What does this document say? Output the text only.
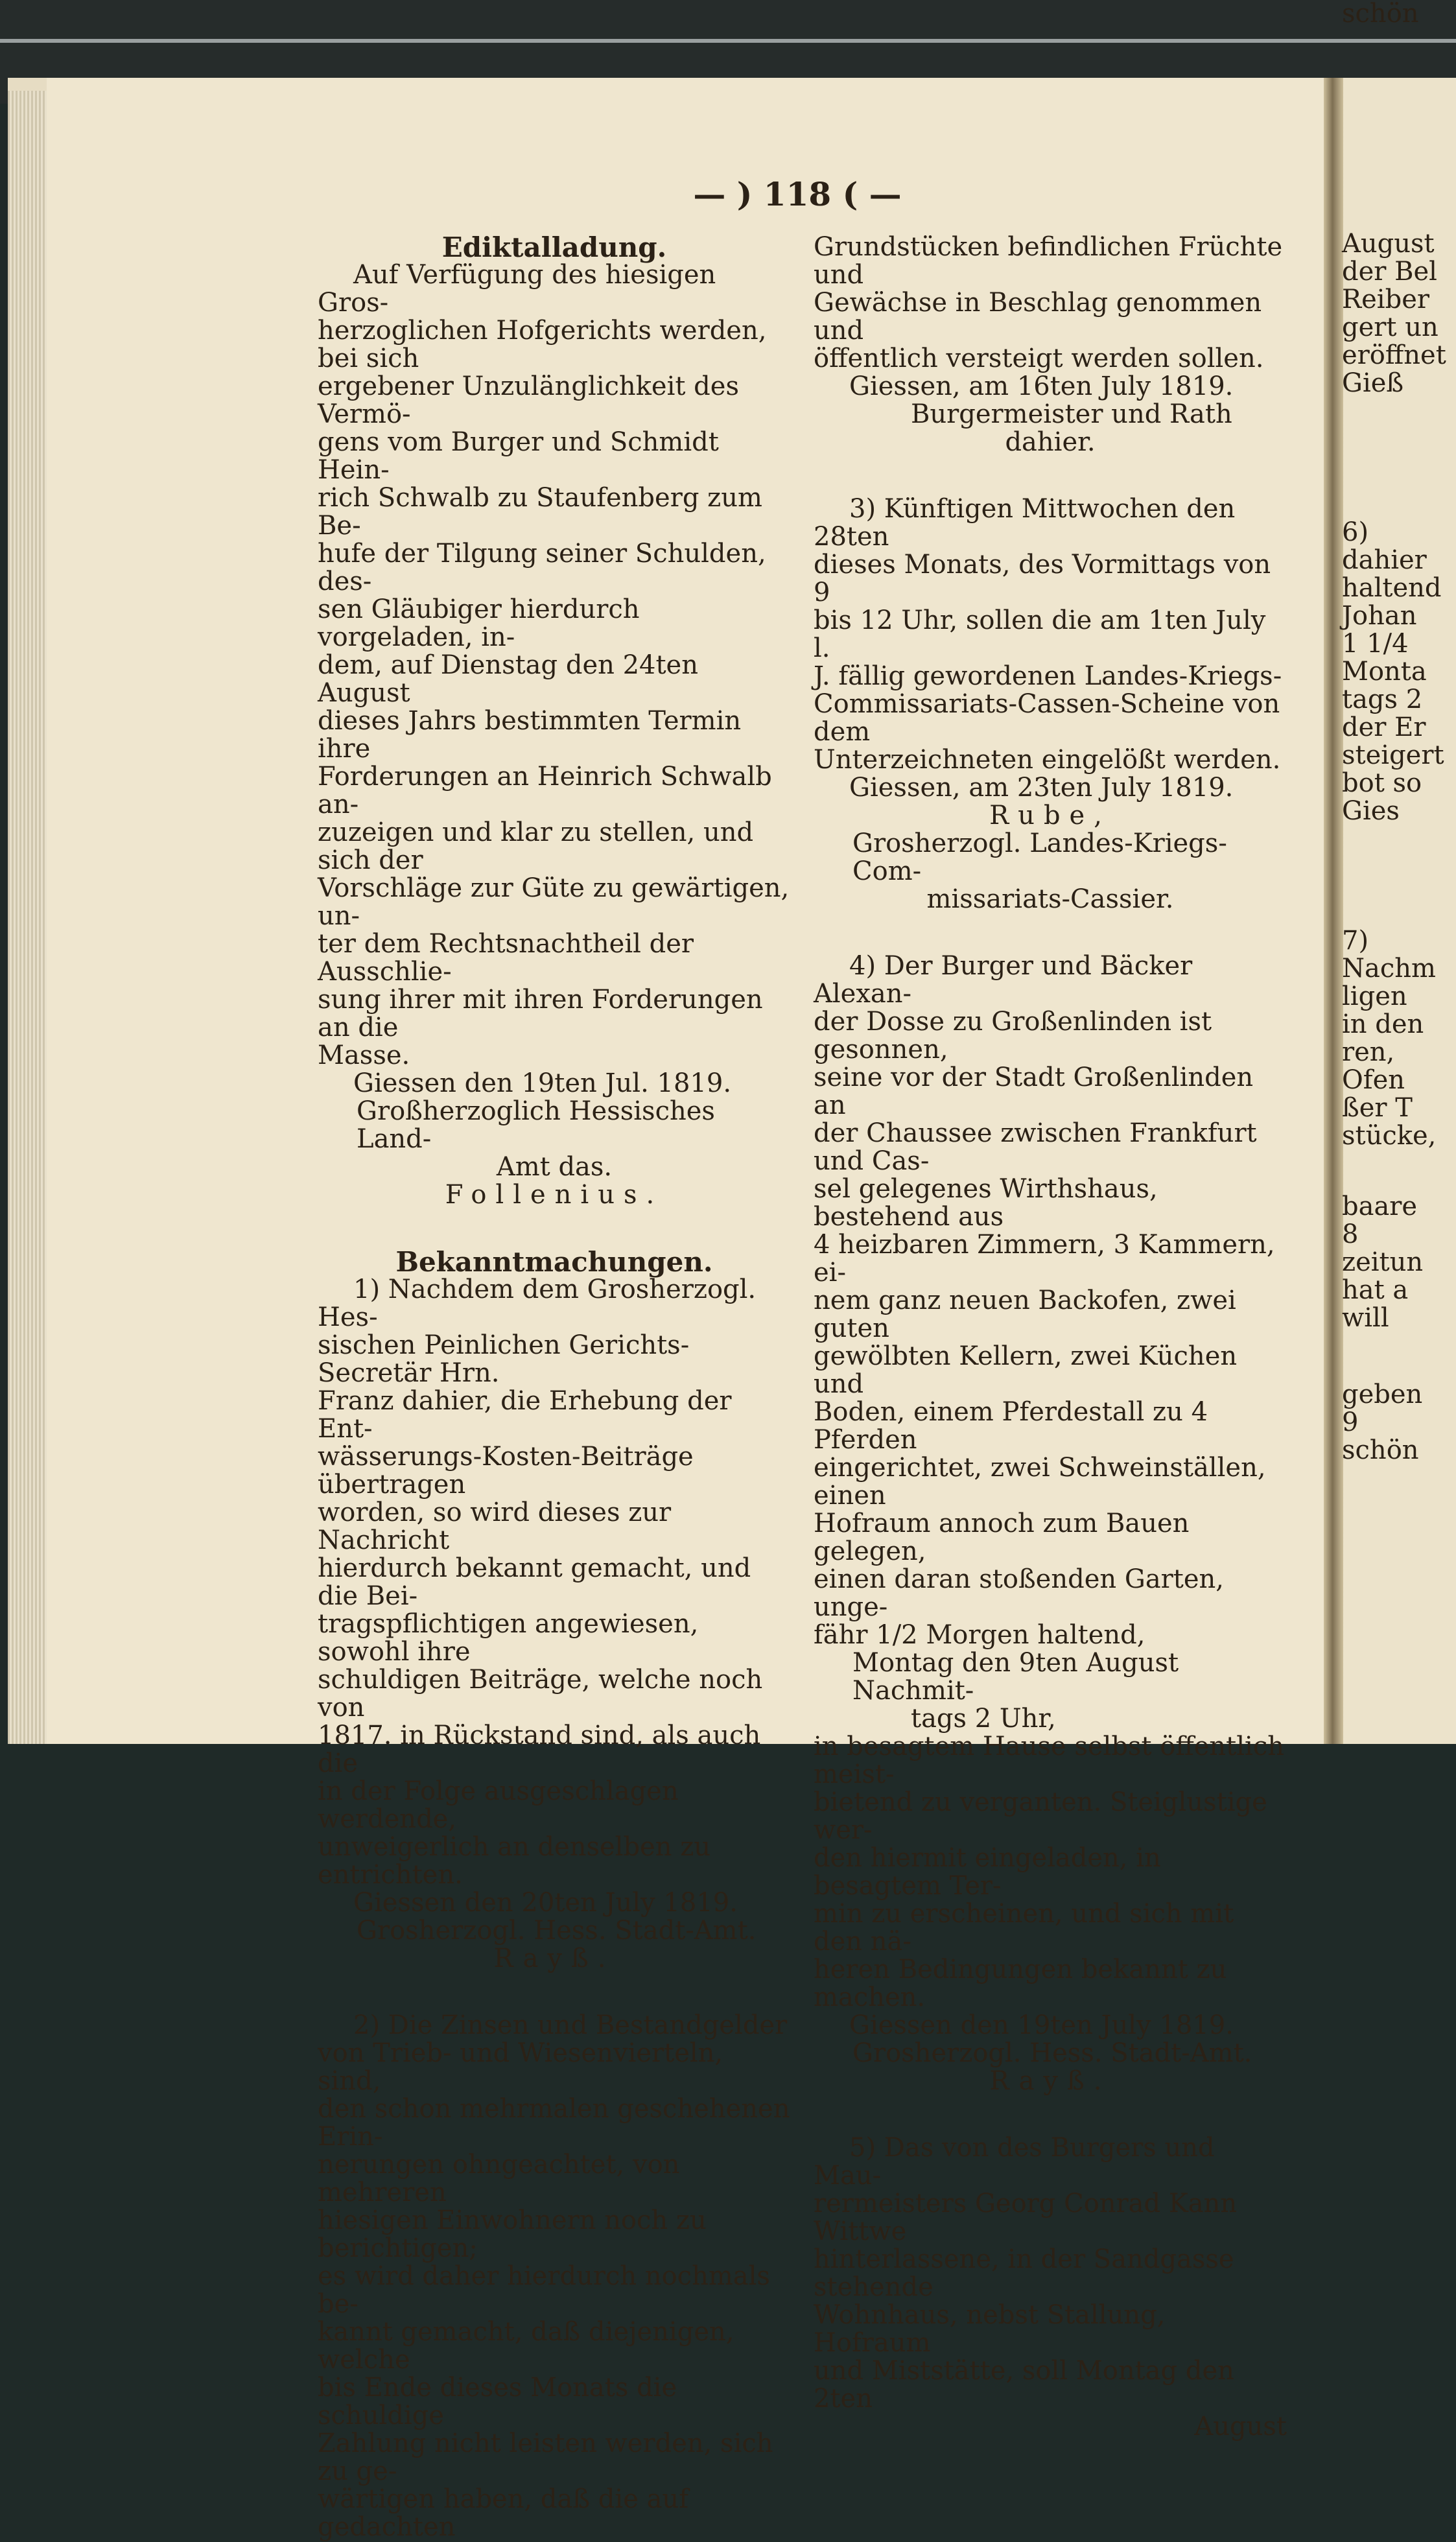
— ) 118 ( —

Ediktalladung.

Auf Verfügung des hiesigen Gros-

herzoglichen Hofgerichts werden, bei sich

ergebener Unzulänglichkeit des Vermö-

gens vom Burger und Schmidt Hein-

rich Schwalb zu Staufenberg zum Be-

hufe der Tilgung seiner Schulden, des-

sen Gläubiger hierdurch vorgeladen, in-

dem, auf Dienstag den 24ten August

dieses Jahrs bestimmten Termin ihre

Forderungen an Heinrich Schwalb an-

zuzeigen und klar zu stellen, und sich der

Vorschläge zur Güte zu gewärtigen, un-

ter dem Rechtsnachtheil der Ausschlie-

sung ihrer mit ihren Forderungen an die

Masse.

Giessen den 19ten Jul. 1819.

Großherzoglich Hessisches Land-

Amt das.

Follenius.

Bekanntmachungen.

1) Nachdem dem Grosherzogl. Hes-

sischen Peinlichen Gerichts-Secretär Hrn.

Franz dahier, die Erhebung der Ent-

wässerungs-Kosten-Beiträge übertragen

worden, so wird dieses zur Nachricht

hierdurch bekannt gemacht, und die Bei-

tragspflichtigen angewiesen, sowohl ihre

schuldigen Beiträge, welche noch von

1817. in Rückstand sind, als auch die

in der Folge ausgeschlagen werdende,

unweigerlich an denselben zu entrichten.

Giessen den 20ten July 1819.

Grosherzogl. Hess. Stadt-Amt.

Rayß.

2) Die Zinsen und Bestandgelder

von Trieb- und Wiesenvierteln, sind,

den schon mehrmalen geschehenen Erin-

nerungen ohngeachtet, von mehreren

hiesigen Einwohnern noch zu berichtigen;

es wird daher hierdurch nochmals be-

kannt gemacht, daß diejenigen, welche

bis Ende dieses Monats die schuldige

Zahlung nicht leisten werden, sich zu ge-

wärtigen haben, daß die auf gedachten

Grundstücken befindlichen Früchte und

Gewächse in Beschlag genommen und

öffentlich versteigt werden sollen.

Giessen, am 16ten July 1819.

Burgermeister und Rath

dahier.

3) Künftigen Mittwochen den 28ten

dieses Monats, des Vormittags von 9

bis 12 Uhr, sollen die am 1ten July l.

J. fällig gewordenen Landes-Kriegs-

Commissariats-Cassen-Scheine von dem

Unterzeichneten eingelößt werden.

Giessen, am 23ten July 1819.

Rube,

Grosherzogl. Landes-Kriegs-Com-

missariats-Cassier.

4) Der Burger und Bäcker Alexan-

der Dosse zu Großenlinden ist gesonnen,

seine vor der Stadt Großenlinden an

der Chaussee zwischen Frankfurt und Cas-

sel gelegenes Wirthshaus, bestehend aus

4 heizbaren Zimmern, 3 Kammern, ei-

nem ganz neuen Backofen, zwei guten

gewölbten Kellern, zwei Küchen und

Boden, einem Pferdestall zu 4 Pferden

eingerichtet, zwei Schweinställen, einen

Hofraum annoch zum Bauen gelegen,

einen daran stoßenden Garten, unge-

fähr 1/2 Morgen haltend,

Montag den 9ten August Nachmit-

tags 2 Uhr,

in besagtem Hause selbst öffentlich meist-

bietend zu verganten. Steiglustige wer-

den hiermit eingeladen, in besagtem Ter-

min zu erscheinen, und sich mit den nä-

heren Bedingungen bekannt zu machen.

Giessen den 19ten July 1819.

Grosherzogl. Hess. Stadt-Amt.

Rayß.

5) Das von des Burgers und Mau-

rermeisters Georg Conrad Kann Wittwe

hinterlassene, in der Sandgasse stehende

Wohnhaus, nebst Stallung, Hofraum

und Miststätte, soll Montag den 2ten

August

August
der Bel
Reiber
gert un
eröffnet
Gieß
6)
dahier
haltend
Johan
1 1/4
Monta
tags 2
der Er
steigert
bot so
Gies
7)
Nachm
ligen
in den
ren,
Ofen
ßer T
stücke,
baare
8
zeitun
hat a
will
geben
9
schön
schön
